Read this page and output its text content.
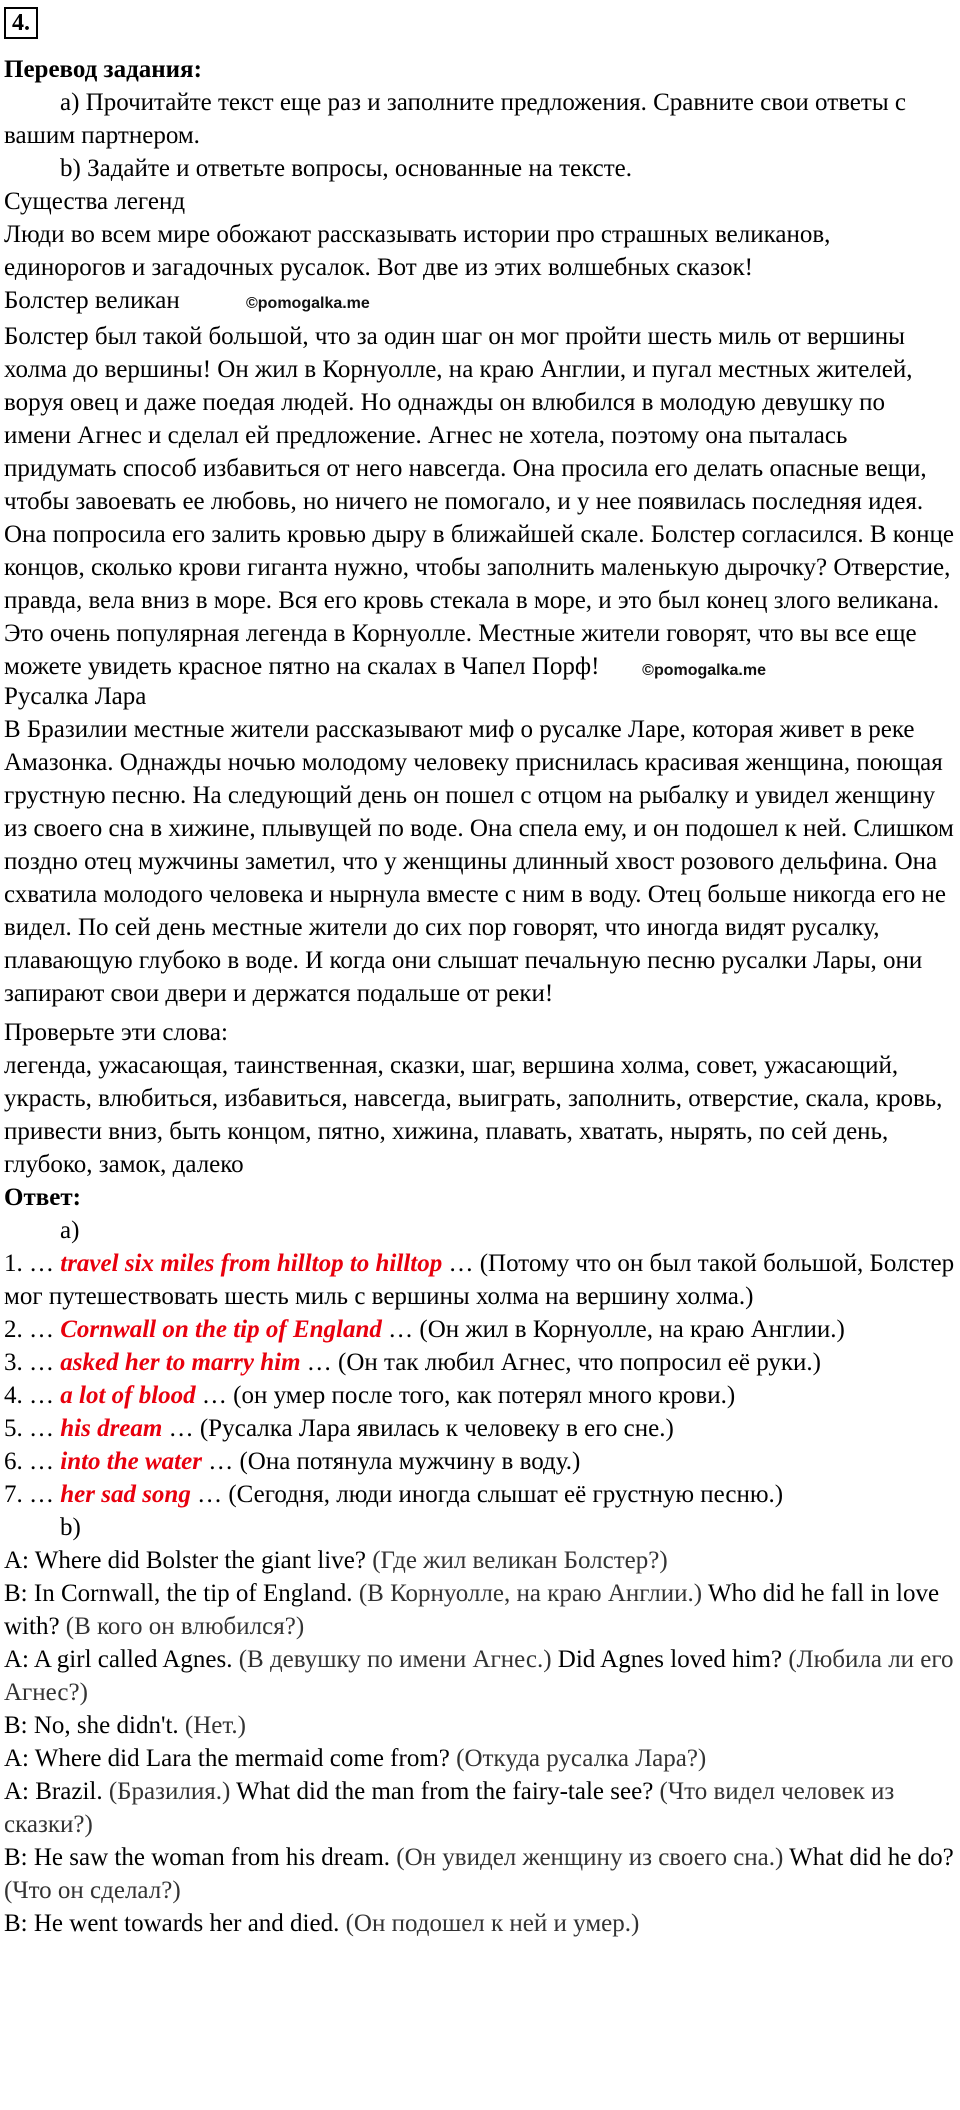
4.

Перевод задания:

a) Прочитайте текст еще раз и заполните предложения. Сравните свои ответы с вашим партнером.

b) Задайте и ответьте вопросы, основанные на тексте.

Существа легенд

Люди во всем мире обожают рассказывать истории про страшных великанов, единорогов и загадочных русалок. Вот две из этих волшебных сказок!

Болстер великан	©pomogalka.me

Болстер был такой большой, что за один шаг он мог пройти шесть миль от вершины холма до вершины! Он жил в Корнуолле, на краю Англии, и пугал местных жителей, воруя овец и даже поедая людей. Но однажды он влюбился в молодую девушку по имени Агнес и сделал ей предложение. Агнес не хотела, поэтому она пыталась придумать способ избавиться от него навсегда. Она просила его делать опасные вещи, чтобы завоевать ее любовь, но ничего не помогало, и у нее появилась последняя идея. Она попросила его залить кровью дыру в ближайшей скале. Болстер согласился. В конце концов, сколько крови гиганта нужно, чтобы заполнить маленькую дырочку? Отверстие, правда, вела вниз в море. Вся его кровь стекала в море, и это был конец злого великана. Это очень популярная легенда в Корнуолле. Местные жители говорят, что вы все еще можете увидеть красное пятно на скалах в Чапел Порф!	©pomogalka.me

Русалка Лара

В Бразилии местные жители рассказывают миф о русалке Ларе, которая живет в реке Амазонка. Однажды ночью молодому человеку приснилась красивая женщина, поющая грустную песню. На следующий день он пошел с отцом на рыбалку и увидел женщину из своего сна в хижине, плывущей по воде. Она спела ему, и он подошел к ней. Слишком поздно отец мужчины заметил, что у женщины длинный хвост розового дельфина. Она схватила молодого человека и нырнула вместе с ним в воду. Отец больше никогда его не видел. По сей день местные жители до сих пор говорят, что иногда видят русалку, плавающую глубоко в воде. И когда они слышат печальную песню русалки Лары, они запирают свои двери и держатся подальше от реки!

Проверьте эти слова:

легенда, ужасающая, таинственная, сказки, шаг, вершина холма, совет, ужасающий, украсть, влюбиться, избавиться, навсегда, выиграть, заполнить, отверстие, скала, кровь, привести вниз, быть концом, пятно, хижина, плавать, хватать, нырять, по сей день, глубоко, замок, далеко

Ответ:

a)

1. … travel six miles from hilltop to hilltop … (Потому что он был такой большой, Болстер мог путешествовать шесть миль с вершины холма на вершину холма.)

2. … Cornwall on the tip of England … (Он жил в Корнуолле, на краю Англии.)

3. … asked her to marry him … (Он так любил Агнес, что попросил её руки.)

4. … a lot of blood … (он умер после того, как потерял много крови.)

5. … his dream … (Русалка Лара явилась к человеку в его сне.)

6. … into the water … (Она потянула мужчину в воду.)

7. … her sad song … (Сегодня, люди иногда слышат её грустную песню.)

b)

A: Where did Bolster the giant live? (Где жил великан Болстер?)

B: In Cornwall, the tip of England. (В Корнуолле, на краю Англии.) Who did he fall in love with? (В кого он влюбился?)

A: A girl called Agnes. (В девушку по имени Агнес.) Did Agnes loved him? (Любила ли его Агнес?)

B: No, she didn't. (Нет.)

A: Where did Lara the mermaid come from? (Откуда русалка Лара?)

A: Brazil. (Бразилия.) What did the man from the fairy-tale see? (Что видел человек из сказки?)

B: He saw the woman from his dream. (Он увидел женщину из своего сна.) What did he do? (Что он сделал?)

B: He went towards her and died. (Он подошел к ней и умер.)
